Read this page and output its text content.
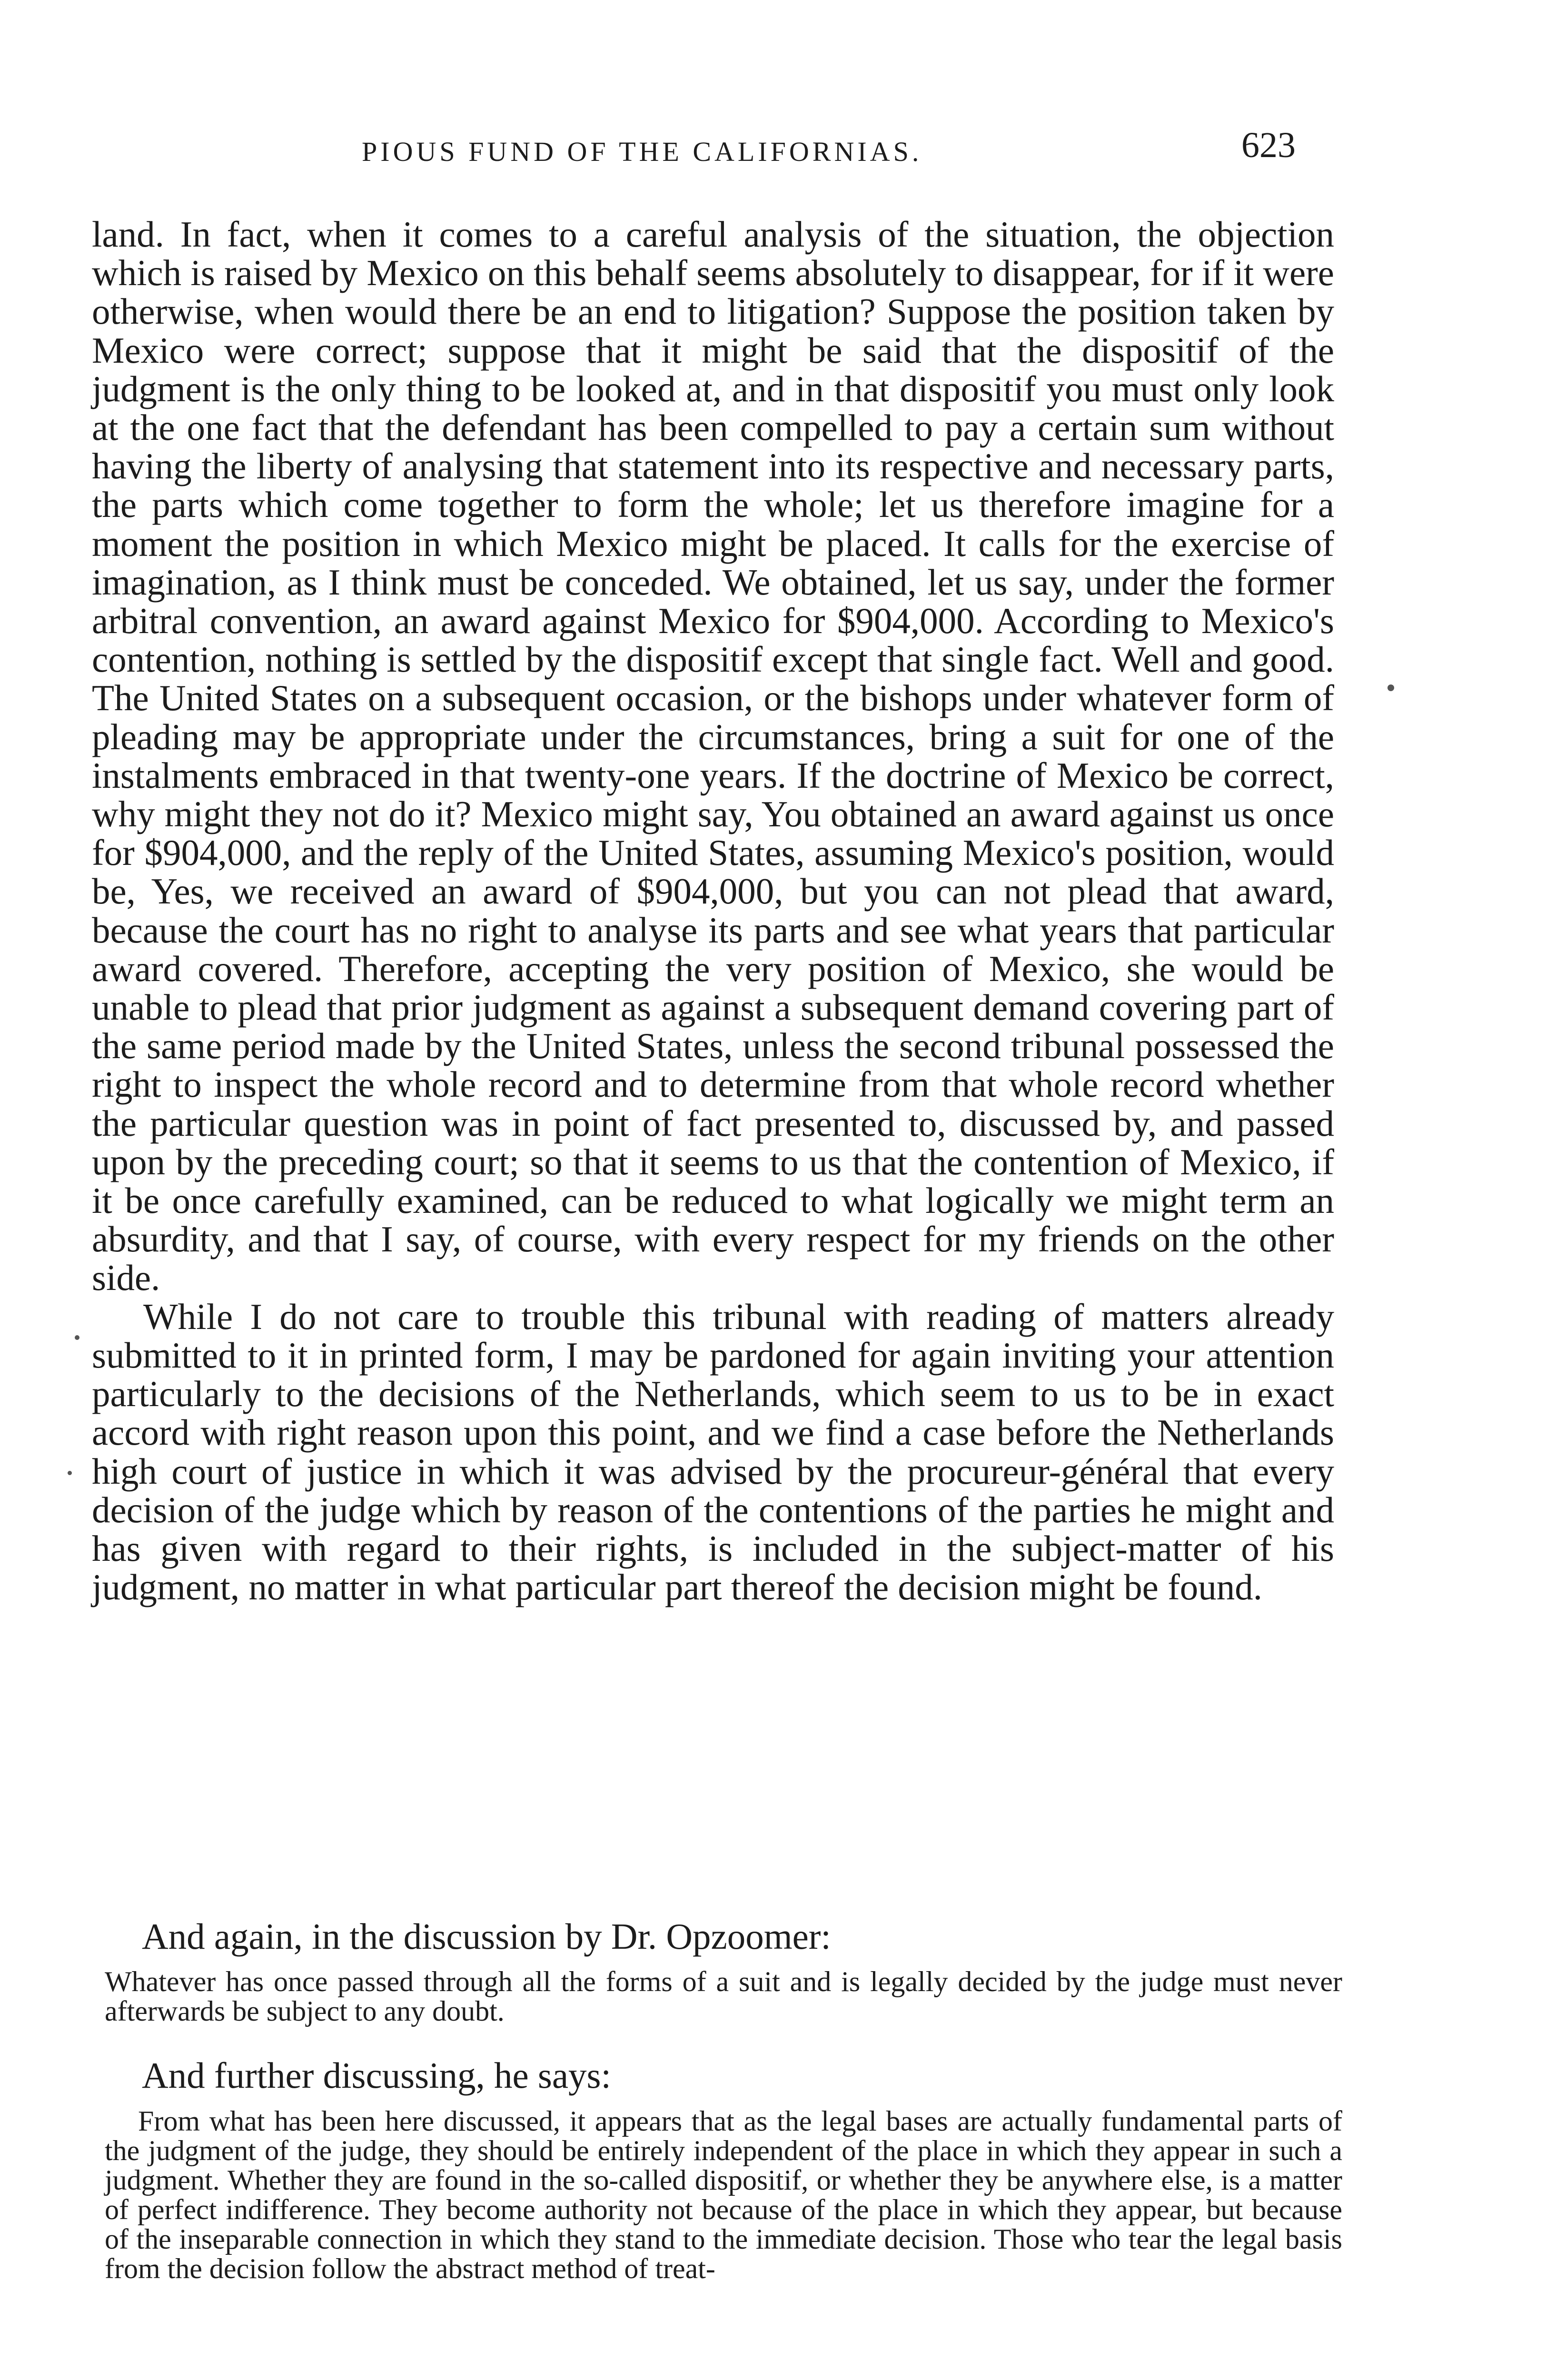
PIOUS FUND OF THE CALIFORNIAS.	623

land. In fact, when it comes to a careful analysis of the situation, the objection which is raised by Mexico on this behalf seems absolutely to disappear, for if it were otherwise, when would there be an end to litigation? Suppose the position taken by Mexico were correct; suppose that it might be said that the dispositif of the judgment is the only thing to be looked at, and in that dispositif you must only look at the one fact that the defendant has been compelled to pay a certain sum without having the liberty of analysing that statement into its respective and necessary parts, the parts which come together to form the whole; let us therefore imagine for a moment the position in which Mexico might be placed. It calls for the exercise of imagination, as I think must be conceded. We obtained, let us say, under the former arbitral convention, an award against Mexico for $904,000. According to Mexico's contention, nothing is settled by the dispositif except that single fact. Well and good. The United States on a subsequent occasion, or the bishops under whatever form of pleading may be appropriate under the circumstances, bring a suit for one of the instalments embraced in that twenty-one years. If the doctrine of Mexico be correct, why might they not do it? Mexico might say, You obtained an award against us once for $904,000, and the reply of the United States, assuming Mexico's position, would be, Yes, we received an award of $904,000, but you can not plead that award, because the court has no right to analyse its parts and see what years that particular award covered. Therefore, accepting the very position of Mexico, she would be unable to plead that prior judgment as against a subsequent demand covering part of the same period made by the United States, unless the second tribunal possessed the right to inspect the whole record and to determine from that whole record whether the particular question was in point of fact presented to, discussed by, and passed upon by the preceding court; so that it seems to us that the contention of Mexico, if it be once carefully examined, can be reduced to what logically we might term an absurdity, and that I say, of course, with every respect for my friends on the other side.

While I do not care to trouble this tribunal with reading of matters already submitted to it in printed form, I may be pardoned for again inviting your attention particularly to the decisions of the Netherlands, which seem to us to be in exact accord with right reason upon this point, and we find a case before the Netherlands high court of justice in which it was advised by the procureur-général that every decision of the judge which by reason of the contentions of the parties he might and has given with regard to their rights, is included in the subject-matter of his judgment, no matter in what particular part thereof the decision might be found.

And again, in the discussion by Dr. Opzoomer:
Whatever has once passed through all the forms of a suit and is legally decided by the judge must never afterwards be subject to any doubt.
And further discussing, he says:
From what has been here discussed, it appears that as the legal bases are actually fundamental parts of the judgment of the judge, they should be entirely independent of the place in which they appear in such a judgment. Whether they are found in the so-called dispositif, or whether they be anywhere else, is a matter of perfect indifference. They become authority not because of the place in which they appear, but because of the inseparable connection in which they stand to the immediate decision. Those who tear the legal basis from the decision follow the abstract method of treat-
